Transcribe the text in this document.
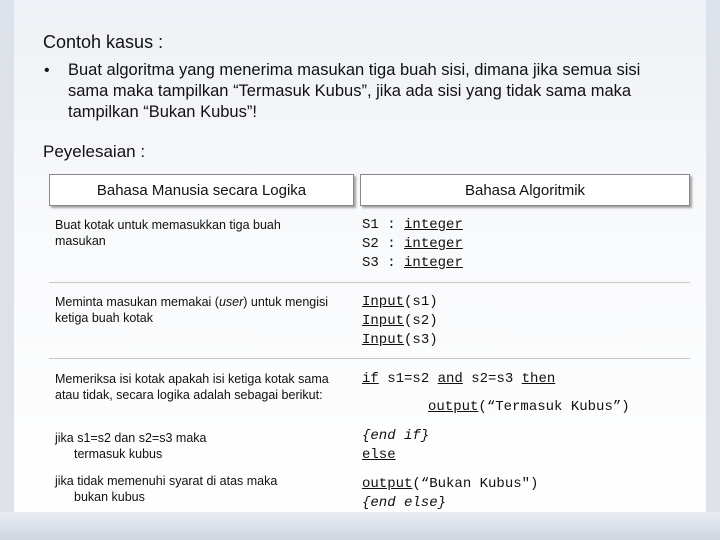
Contoh kasus :
• Buat algoritma yang menerima masukan tiga buah sisi, dimana jika semua sisi sama maka tampilkan “Termasuk Kubus”, jika ada sisi yang tidak sama maka tampilkan “Bukan Kubus”!
Peyelesaian :
Bahasa Manusia secara Logika	Bahasa Algoritmik
Buat kotak untuk memasukkan tiga buah masukan
S1 : integer
S2 : integer
S3 : integer
Meminta masukan memakai (user) untuk mengisi ketiga buah kotak
Input(s1)
Input(s2)
Input(s3)
Memeriksa isi kotak apakah isi ketiga kotak sama atau tidak, secara logika adalah sebagai berikut:
if s1=s2 and s2=s3 then
output(“Termasuk Kubus”)
jika s1=s2 dan s2=s3 maka
termasuk kubus
{end if}
else
jika tidak memenuhi syarat di atas maka
bukan kubus
output(“Bukan Kubus")
{end else}
